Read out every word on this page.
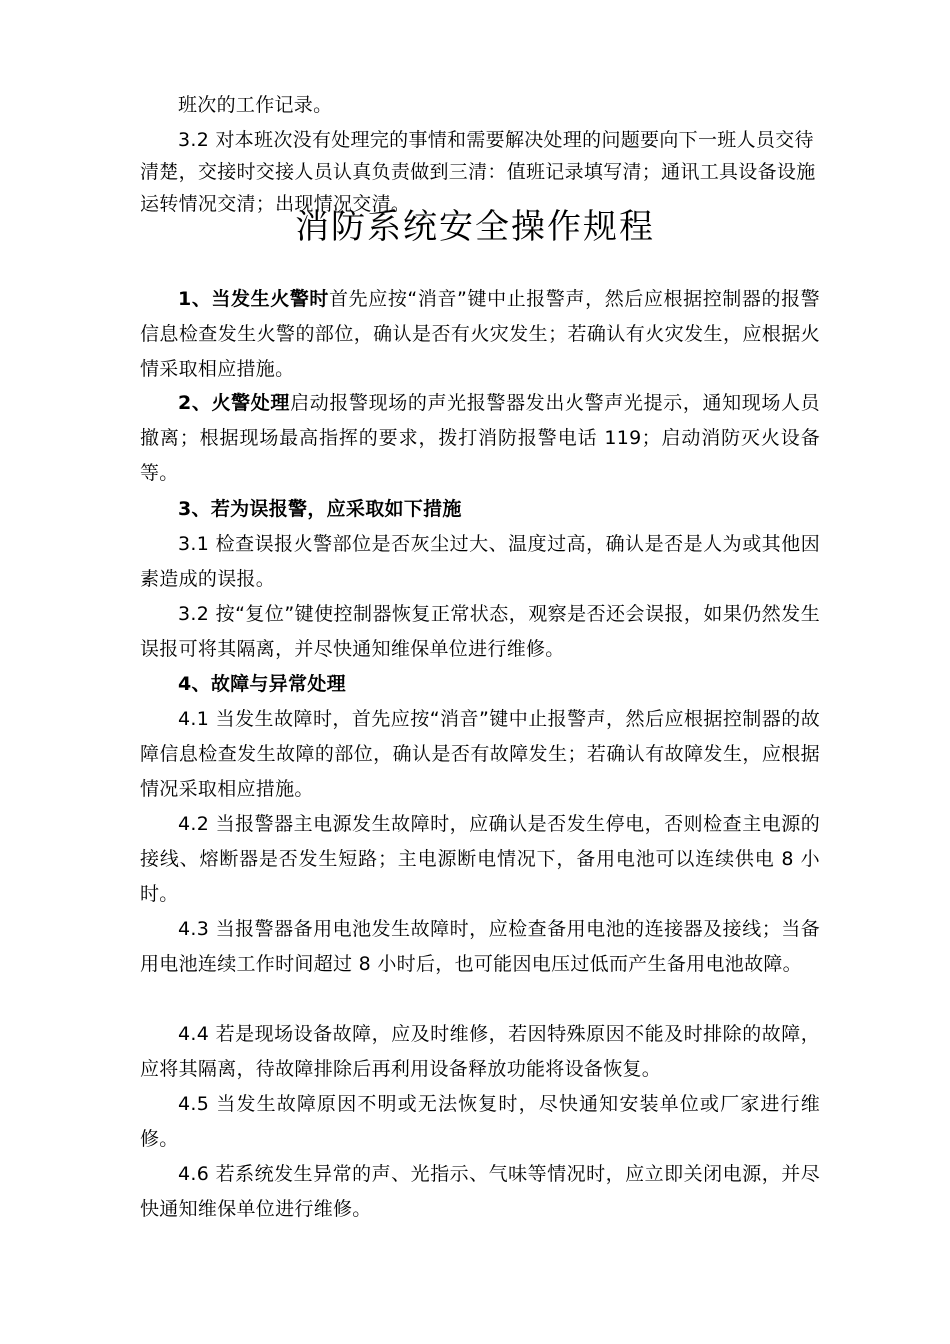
班次的工作记录。

3.2 对本班次没有处理完的事情和需要解决处理的问题要向下一班人员交待清楚，交接时交接人员认真负责做到三清：值班记录填写清；通讯工具设备设施运转情况交清；出现情况交清。

消防系统安全操作规程

1、当发生火警时首先应按“消音”键中止报警声，然后应根据控制器的报警信息检查发生火警的部位，确认是否有火灾发生；若确认有火灾发生，应根据火情采取相应措施。

2、火警处理启动报警现场的声光报警器发出火警声光提示，通知现场人员撤离；根据现场最高指挥的要求，拨打消防报警电话 119；启动消防灭火设备等。

3、若为误报警，应采取如下措施

3.1 检查误报火警部位是否灰尘过大、温度过高，确认是否是人为或其他因素造成的误报。

3.2 按“复位”键使控制器恢复正常状态，观察是否还会误报，如果仍然发生误报可将其隔离，并尽快通知维保单位进行维修。

4、故障与异常处理

4.1 当发生故障时，首先应按“消音”键中止报警声，然后应根据控制器的故障信息检查发生故障的部位，确认是否有故障发生；若确认有故障发生，应根据情况采取相应措施。

4.2 当报警器主电源发生故障时，应确认是否发生停电，否则检查主电源的接线、熔断器是否发生短路；主电源断电情况下，备用电池可以连续供电 8 小时。

4.3 当报警器备用电池发生故障时，应检查备用电池的连接器及接线；当备用电池连续工作时间超过 8 小时后，也可能因电压过低而产生备用电池故障。

4.4 若是现场设备故障，应及时维修，若因特殊原因不能及时排除的故障，应将其隔离，待故障排除后再利用设备释放功能将设备恢复。

4.5 当发生故障原因不明或无法恢复时，尽快通知安装单位或厂家进行维修。

4.6 若系统发生异常的声、光指示、气味等情况时，应立即关闭电源，并尽快通知维保单位进行维修。
